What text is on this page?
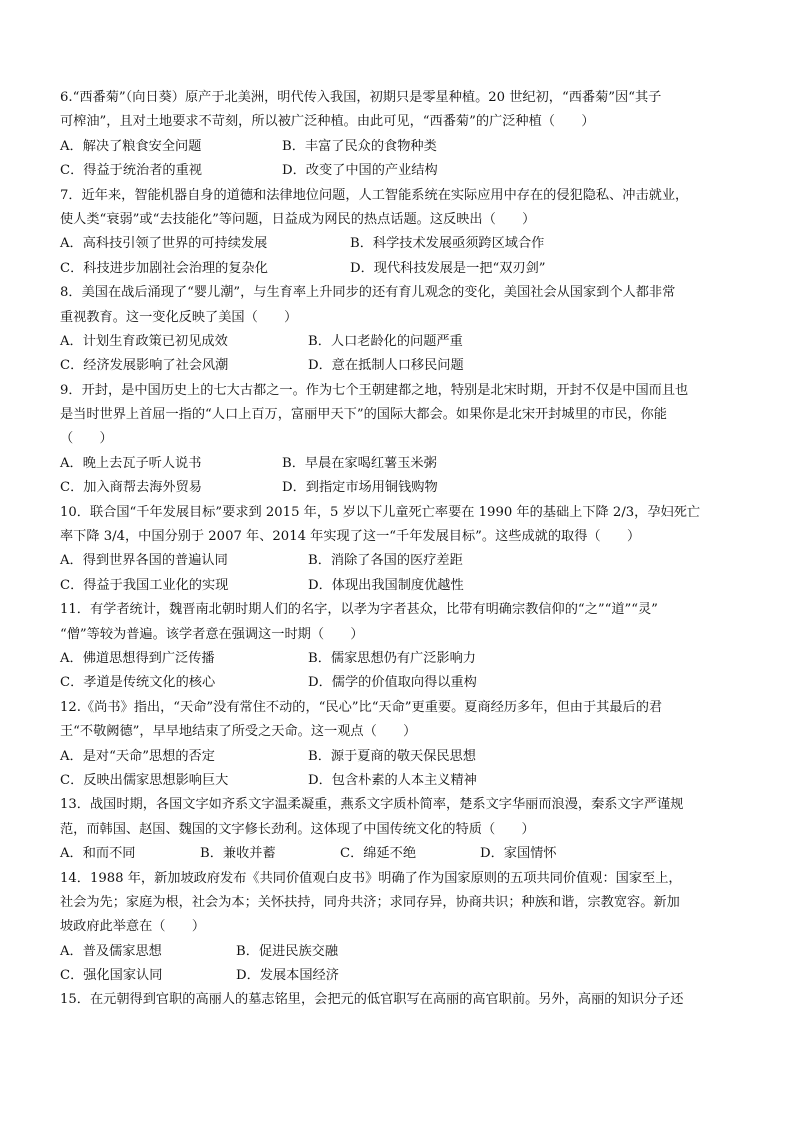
6.“西番菊”（向日葵）原产于北美洲，明代传入我国，初期只是零星种植。20 世纪初，“西番菊”因“其子
可榨油”，且对土地要求不苛刻，所以被广泛种植。由此可见，“西番菊”的广泛种植（　　）
A．解决了粮食安全问题	B．丰富了民众的食物种类
C．得益于统治者的重视	D．改变了中国的产业结构
7．近年来，智能机器自身的道德和法律地位问题，人工智能系统在实际应用中存在的侵犯隐私、冲击就业，
使人类“衰弱”或“去技能化”等问题，日益成为网民的热点话题。这反映出（　　）
A．高科技引领了世界的可持续发展	B．科学技术发展亟须跨区域合作
C．科技进步加剧社会治理的复杂化	D．现代科技发展是一把“双刃剑”
8．美国在战后涌现了“婴儿潮”，与生育率上升同步的还有育儿观念的变化，美国社会从国家到个人都非常
重视教育。这一变化反映了美国（　　）
A．计划生育政策已初见成效	B．人口老龄化的问题严重
C．经济发展影响了社会风潮	D．意在抵制人口移民问题
9．开封，是中国历史上的七大古都之一。作为七个王朝建都之地，特别是北宋时期，开封不仅是中国而且也
是当时世界上首屈一指的“人口上百万，富丽甲天下”的国际大都会。如果你是北宋开封城里的市民，你能
（　　）
A．晚上去瓦子听人说书	B．早晨在家喝红薯玉米粥
C．加入商帮去海外贸易	D．到指定市场用铜钱购物
10．联合国“千年发展目标”要求到 2015 年，5 岁以下儿童死亡率要在 1990 年的基础上下降 2/3，孕妇死亡
率下降 3/4，中国分别于 2007 年、2014 年实现了这一“千年发展目标”。这些成就的取得（　　）
A．得到世界各国的普遍认同	B．消除了各国的医疗差距
C．得益于我国工业化的实现	D．体现出我国制度优越性
11．有学者统计，魏晋南北朝时期人们的名字，以孝为字者甚众，比带有明确宗教信仰的“之”“道”“灵”
“僧”等较为普遍。该学者意在强调这一时期（　　）
A．佛道思想得到广泛传播	B．儒家思想仍有广泛影响力
C．孝道是传统文化的核心	D．儒学的价值取向得以重构
12.《尚书》指出，“天命”没有常住不动的，“民心”比“天命”更重要。夏商经历多年，但由于其最后的君
王“不敬阙德”，早早地结束了所受之天命。这一观点（　　）
A．是对“天命”思想的否定	B．源于夏商的敬天保民思想
C．反映出儒家思想影响巨大	D．包含朴素的人本主义精神
13．战国时期，各国文字如齐系文字温柔凝重，燕系文字质朴简率，楚系文字华丽而浪漫，秦系文字严谨规
范，而韩国、赵国、魏国的文字修长劲利。这体现了中国传统文化的特质（　　）
A．和而不同	B．兼收并蓄	C．绵延不绝	D．家国情怀
14．1988 年，新加坡政府发布《共同价值观白皮书》明确了作为国家原则的五项共同价值观：国家至上，
社会为先；家庭为根，社会为本；关怀扶持，同舟共济；求同存异，协商共识；种族和谐，宗教宽容。新加
坡政府此举意在（　　）
A．普及儒家思想	B．促进民族交融
C．强化国家认同	D．发展本国经济
15．在元朝得到官职的高丽人的墓志铭里，会把元的低官职写在高丽的高官职前。另外，高丽的知识分子还
